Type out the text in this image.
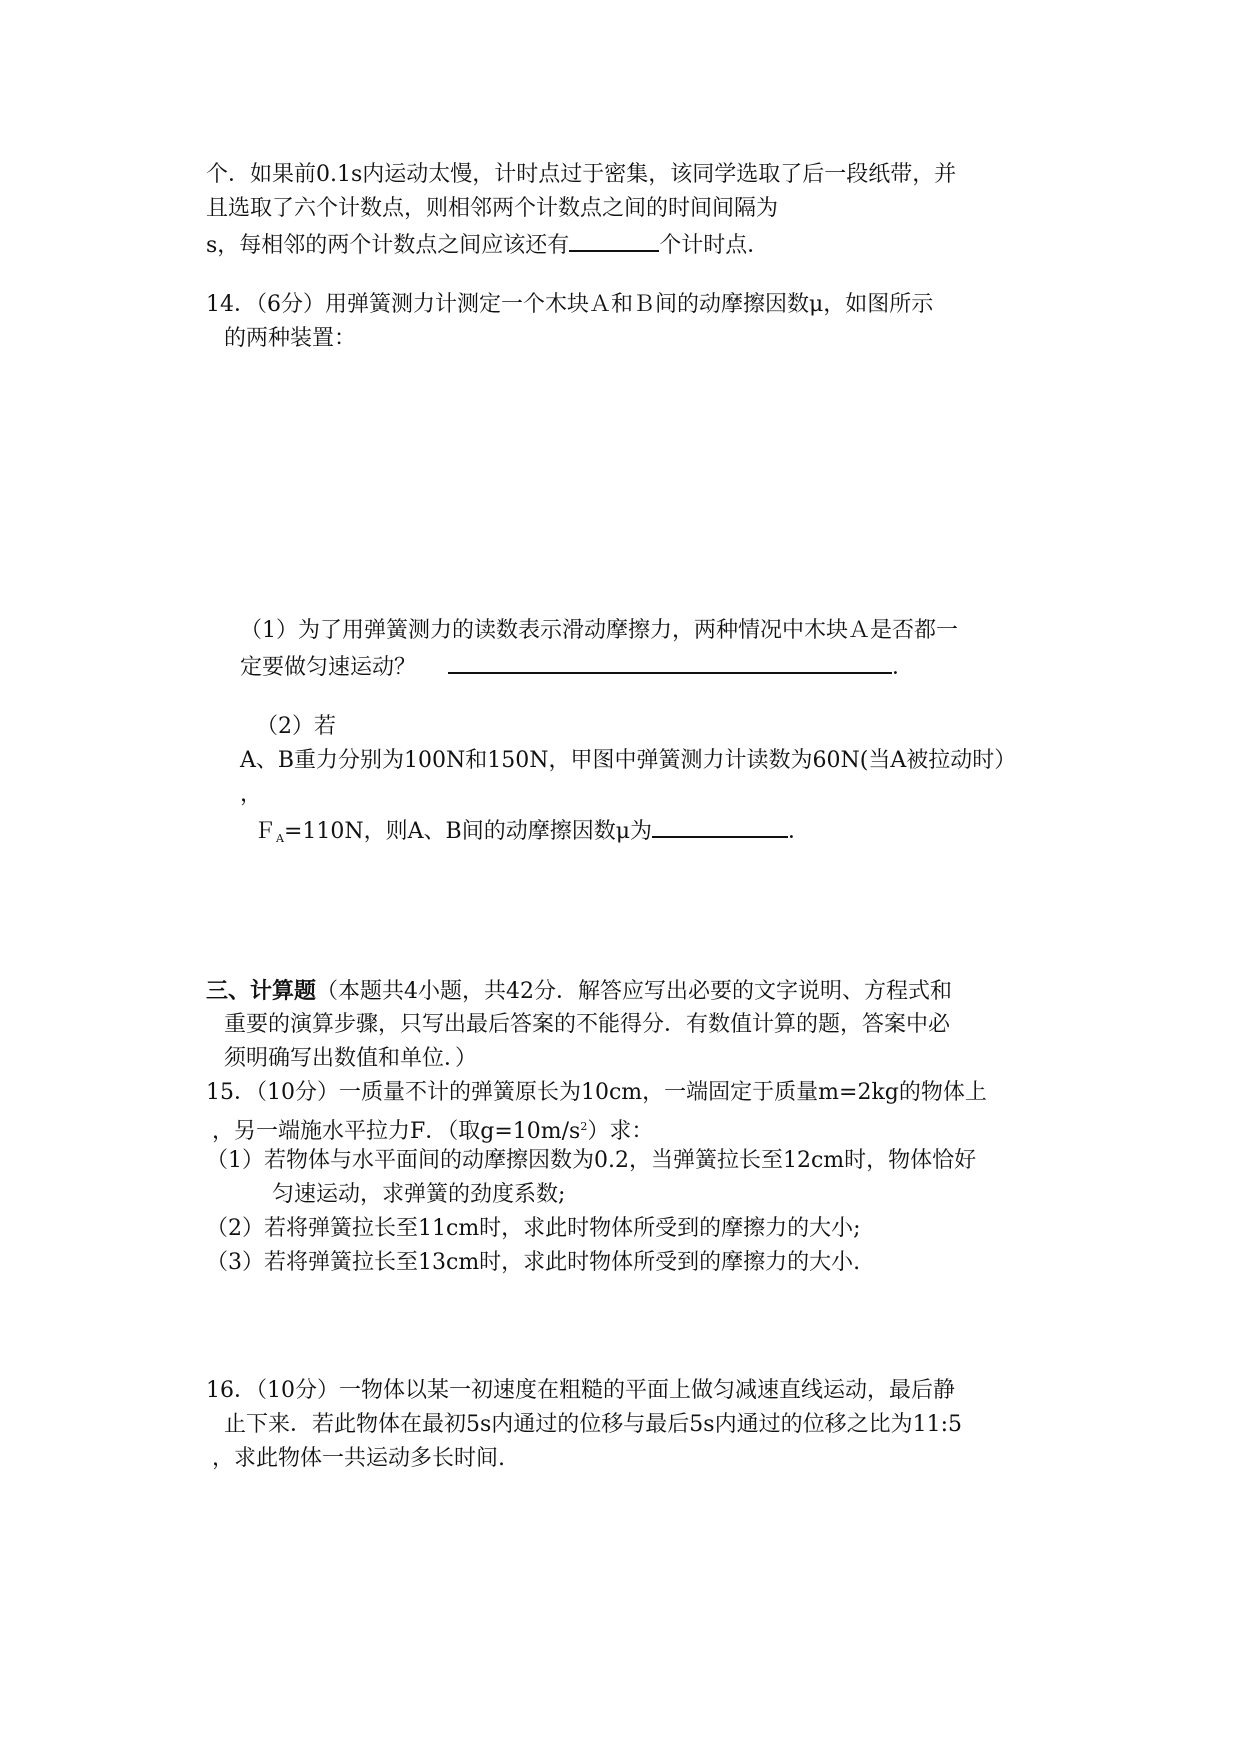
个．如果前0.1s内运动太慢，计时点过于密集，该同学选取了后一段纸带，并
且选取了六个计数点，则相邻两个计数点之间的时间间隔为
s，每相邻的两个计数点之间应该还有	个计时点．
14．（6分）用弹簧测力计测定一个木块Ａ和Ｂ间的动摩擦因数μ，如图所示
的两种装置：
（1）为了用弹簧测力的读数表示滑动摩擦力，两种情况中木块Ａ是否都一
定要做匀速运动？	．
（2）若
A、B重力分别为100N和150N，甲图中弹簧测力计读数为60N(当A被拉动时）
，
Ｆ$_A$=110N，则A、B间的动摩擦因数μ为	．
三、计算题（本题共4小题，共42分．解答应写出必要的文字说明、方程式和
重要的演算步骤，只写出最后答案的不能得分．有数值计算的题，答案中必
须明确写出数值和单位．）
15．（10分）一质量不计的弹簧原长为10cm，一端固定于质量m=2kg的物体上
，另一端施水平拉力F．（取$g=10m/s^2$）求：
（1）若物体与水平面间的动摩擦因数为0.2，当弹簧拉长至12cm时，物体恰好
匀速运动，求弹簧的劲度系数;
（2）若将弹簧拉长至11cm时，求此时物体所受到的摩擦力的大小;
（3）若将弹簧拉长至13cm时，求此时物体所受到的摩擦力的大小.
16．（10分）一物体以某一初速度在粗糙的平面上做匀减速直线运动，最后静
止下来．若此物体在最初5s内通过的位移与最后5s内通过的位移之比为11:5
，求此物体一共运动多长时间.
